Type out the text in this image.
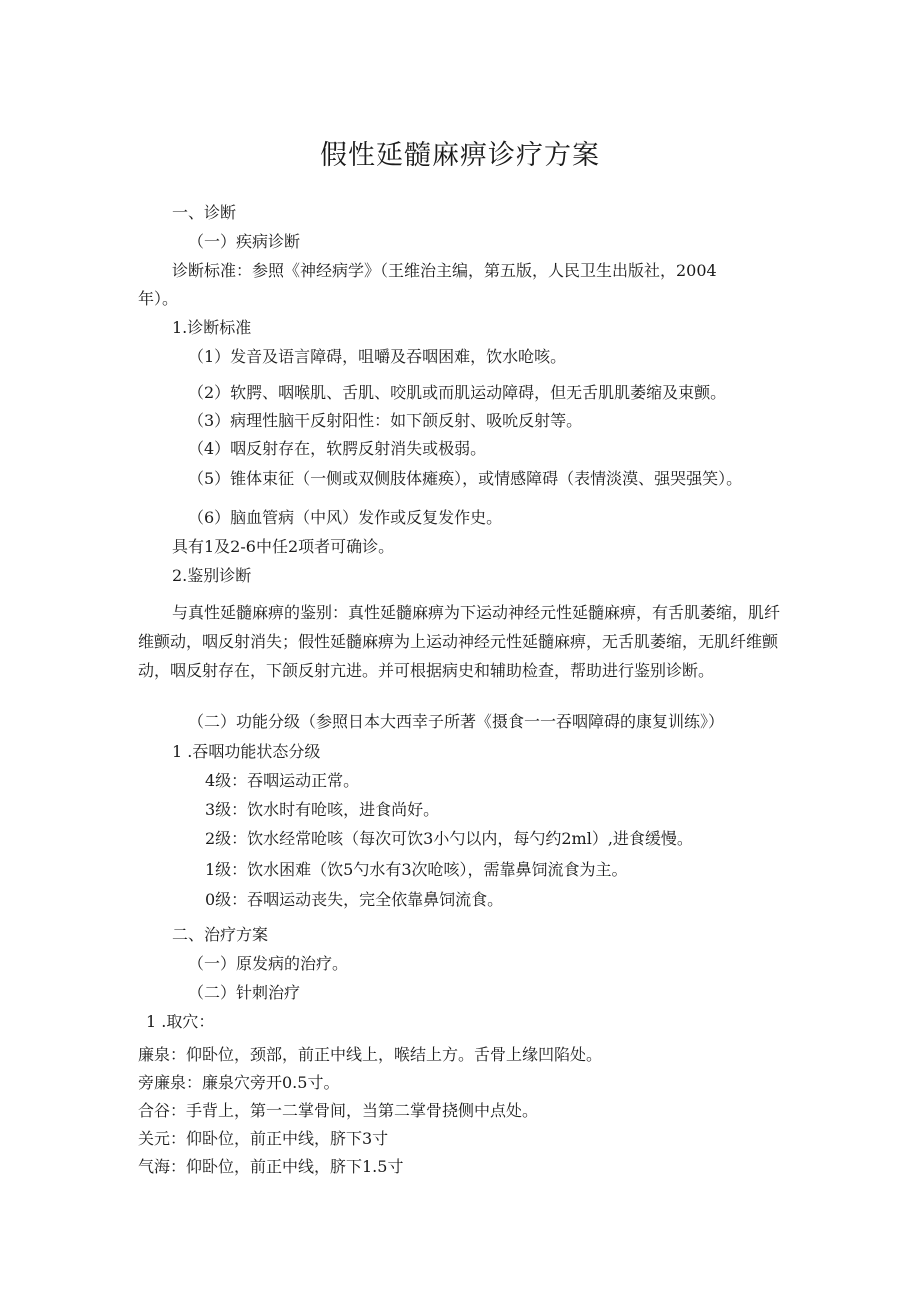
假性延髓麻痹诊疗方案
一、诊断
（一）疾病诊断
诊断标准：参照《神经病学》（王维治主编，第五版，人民卫生出版社，2004
年）。
1.诊断标准
（1）发音及语言障碍，咀嚼及吞咽困难，饮水呛咳。
（2）软腭、咽喉肌、舌肌、咬肌或而肌运动障碍，但无舌肌肌萎缩及束颤。
（3）病理性脑干反射阳性：如下颌反射、吸吮反射等。
（4）咽反射存在，软腭反射消失或极弱。
（5）锥体束征（一侧或双侧肢体瘫痪），或情感障碍（表情淡漠、强哭强笑）。
（6）脑血管病（中风）发作或反复发作史。
具有1及2-6中任2项者可确诊。
2.鉴别诊断
与真性延髓麻痹的鉴别：真性延髓麻痹为下运动神经元性延髓麻痹，有舌肌萎缩，肌纤维颤动，咽反射消失；假性延髓麻痹为上运动神经元性延髓麻痹，无舌肌萎缩，无肌纤维颤动，咽反射存在，下颌反射亢进。并可根据病史和辅助检查，帮助进行鉴别诊断。
（二）功能分级（参照日本大西幸子所著《摄食一一吞咽障碍的康复训练》）
1 .吞咽功能状态分级
4级：吞咽运动正常。
3级：饮水时有呛咳，进食尚好。
2级：饮水经常呛咳（每次可饮3小勺以内，每勺约2ml）,进食缓慢。
1级：饮水困难（饮5勺水有3次呛咳），需靠鼻饲流食为主。
0级：吞咽运动丧失，完全依靠鼻饲流食。
二、治疗方案
（一）原发病的治疗。
（二）针刺治疗
1 .取穴：
廉泉：仰卧位，颈部，前正中线上，喉结上方。舌骨上缘凹陷处。
旁廉泉：廉泉穴旁开0.5寸。
合谷：手背上，第一二掌骨间，当第二掌骨挠侧中点处。
关元：仰卧位，前正中线，脐下3寸
气海：仰卧位，前正中线，脐下1.5寸
